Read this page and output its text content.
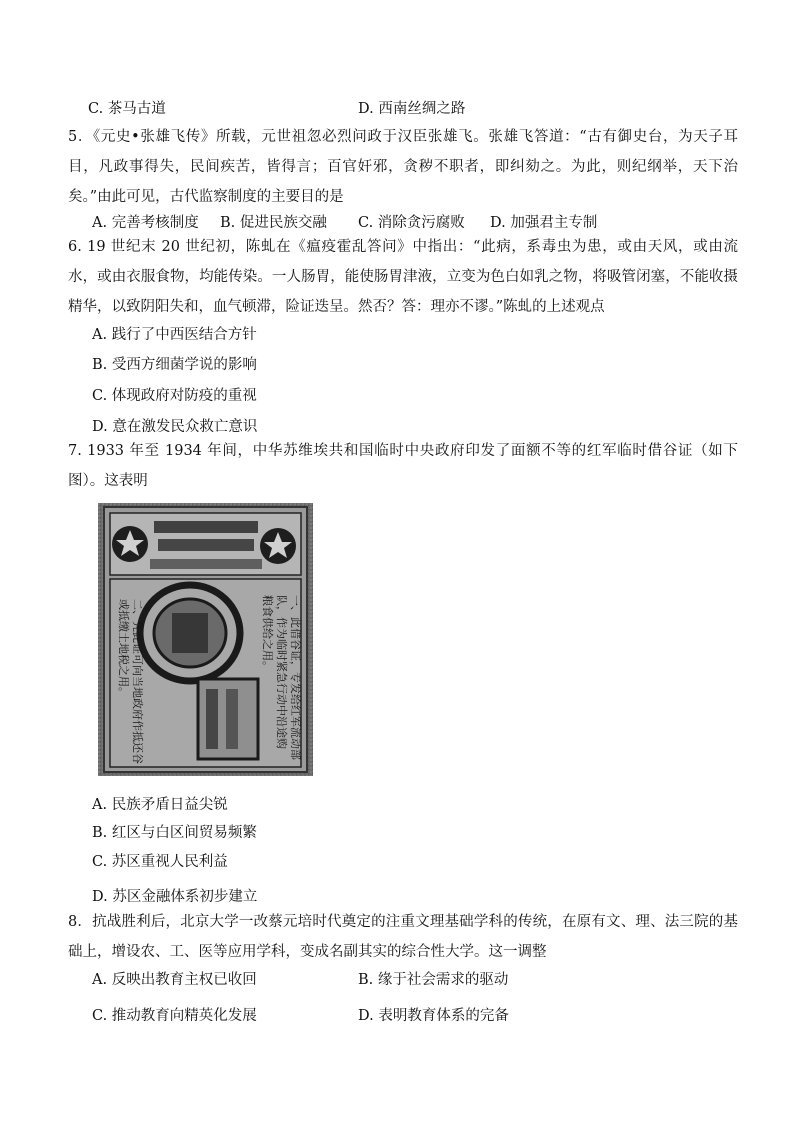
C. 茶马古道	D. 西南丝绸之路
5．《元史•张雄飞传》所载，元世祖忽必烈问政于汉臣张雄飞。张雄飞答道：“古有御史台，为天子耳目，凡政事得失，民间疾苦，皆得言；百官奸邪，贪秽不职者，即纠劾之。为此，则纪纲举，天下治矣。”由此可见，古代监察制度的主要目的是
A. 完善考核制度 B. 促进民族交融 C. 消除贪污腐败 D. 加强君主专制
6. 19 世纪末 20 世纪初，陈虬在《瘟疫霍乱答问》中指出：“此病，系毒虫为患，或由天风，或由流水，或由衣服食物，均能传染。一人肠胃，能使肠胃津液，立变为色白如乳之物，将吸管闭塞，不能收摄精华，以致阴阳失和，血气顿滞，险证迭呈。然否？答：理亦不谬。”陈虬的上述观点
A. 践行了中西医结合方针
B. 受西方细菌学说的影响
C. 体现政府对防疫的重视
D. 意在激发民众救亡意识
7. 1933 年至 1934 年间，中华苏维埃共和国临时中央政府印发了面额不等的红军临时借谷证（如下图）。这表明
一、此借谷证，专发给红军流动部
队，作为临时紧急行动中沿途购
粮食供给之用。
二、凭此证可向当地政府作抵还谷
或抵缴土地税之用。
A. 民族矛盾日益尖锐
B. 红区与白区间贸易频繁
C. 苏区重视人民利益
D. 苏区金融体系初步建立
8．抗战胜利后，北京大学一改蔡元培时代奠定的注重文理基础学科的传统，在原有文、理、法三院的基础上，增设农、工、医等应用学科，变成名副其实的综合性大学。这一调整
A. 反映出教育主权已收回	B. 缘于社会需求的驱动
C. 推动教育向精英化发展	D. 表明教育体系的完备
